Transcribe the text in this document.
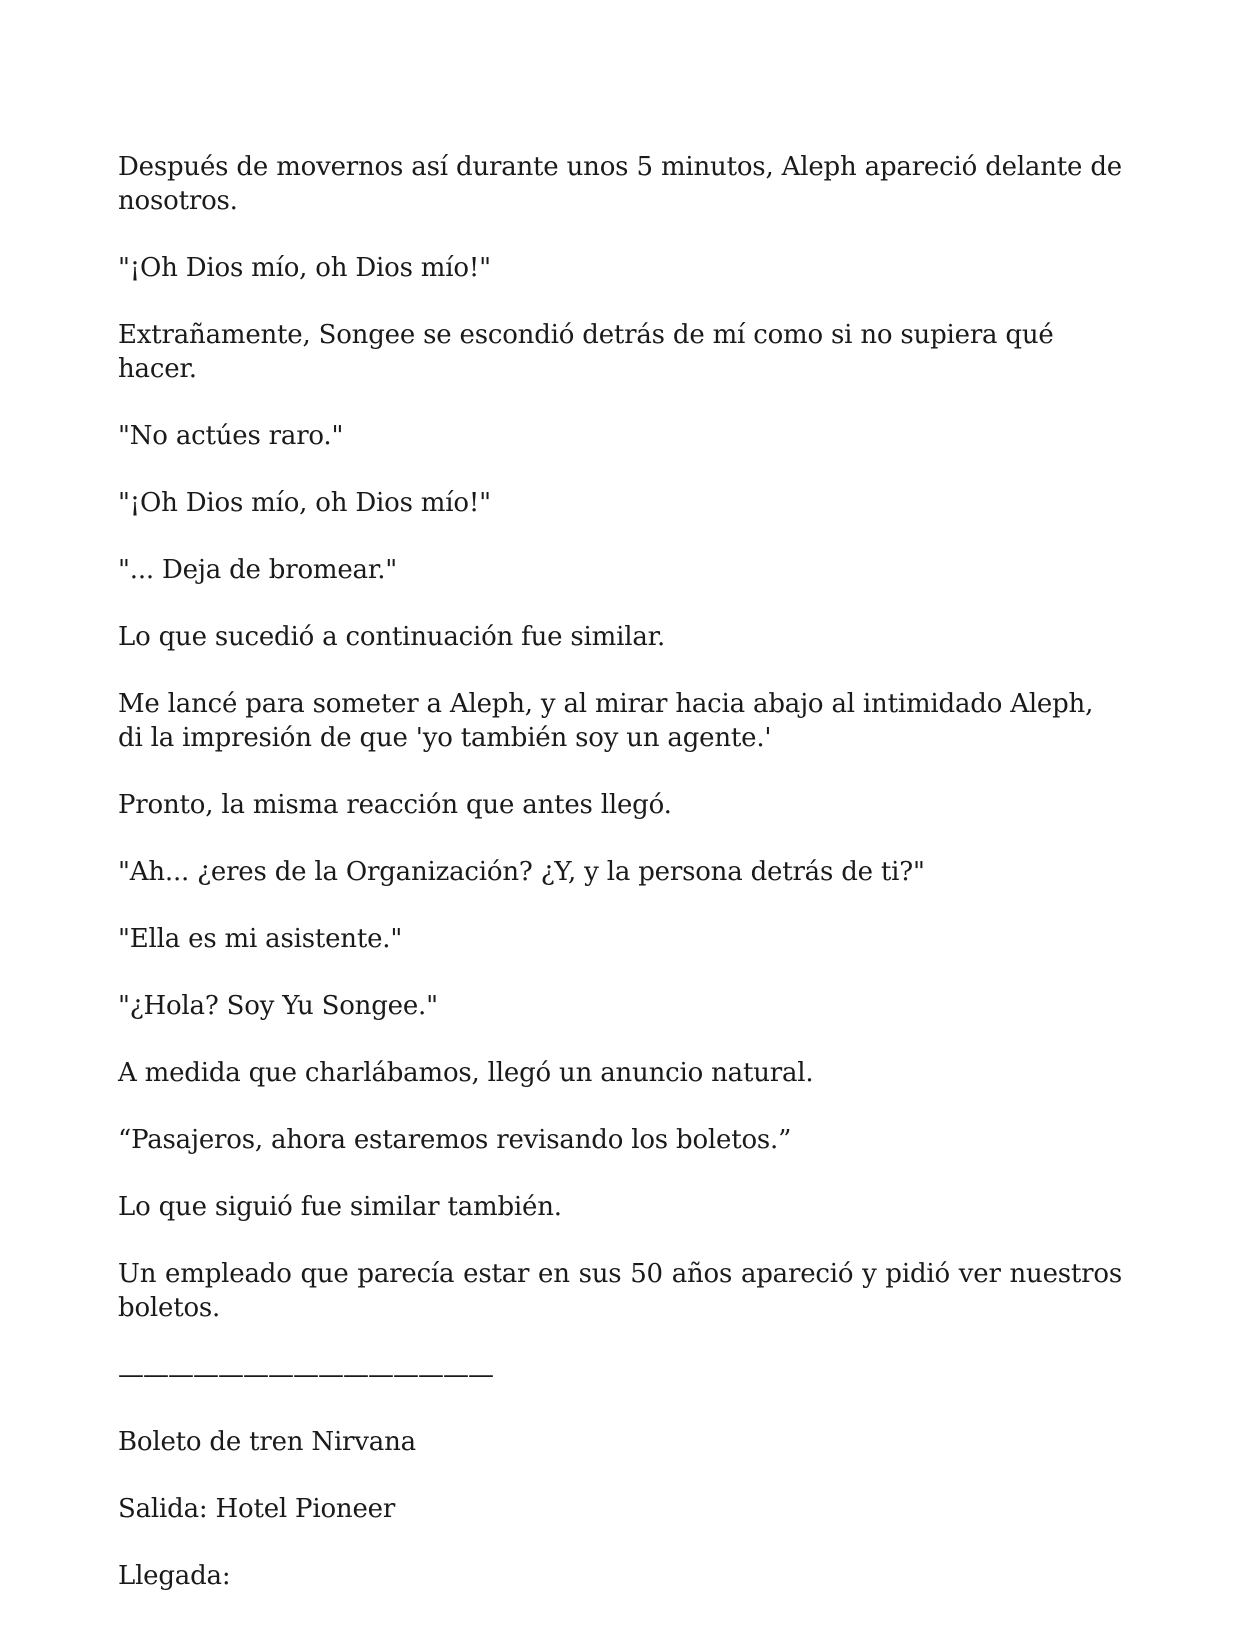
Después de movernos así durante unos 5 minutos, Aleph apareció delante de nosotros.

"¡Oh Dios mío, oh Dios mío!"

Extrañamente, Songee se escondió detrás de mí como si no supiera qué hacer.

"No actúes raro."

"¡Oh Dios mío, oh Dios mío!"

"... Deja de bromear."

Lo que sucedió a continuación fue similar.

Me lancé para someter a Aleph, y al mirar hacia abajo al intimidado Aleph, di la impresión de que 'yo también soy un agente.'

Pronto, la misma reacción que antes llegó.

"Ah... ¿eres de la Organización? ¿Y, y la persona detrás de ti?"

"Ella es mi asistente."

"¿Hola? Soy Yu Songee."

A medida que charlábamos, llegó un anuncio natural.

“Pasajeros, ahora estaremos revisando los boletos.”

Lo que siguió fue similar también.

Un empleado que parecía estar en sus 50 años apareció y pidió ver nuestros boletos.

———————————————

Boleto de tren Nirvana

Salida: Hotel Pioneer

Llegada:
